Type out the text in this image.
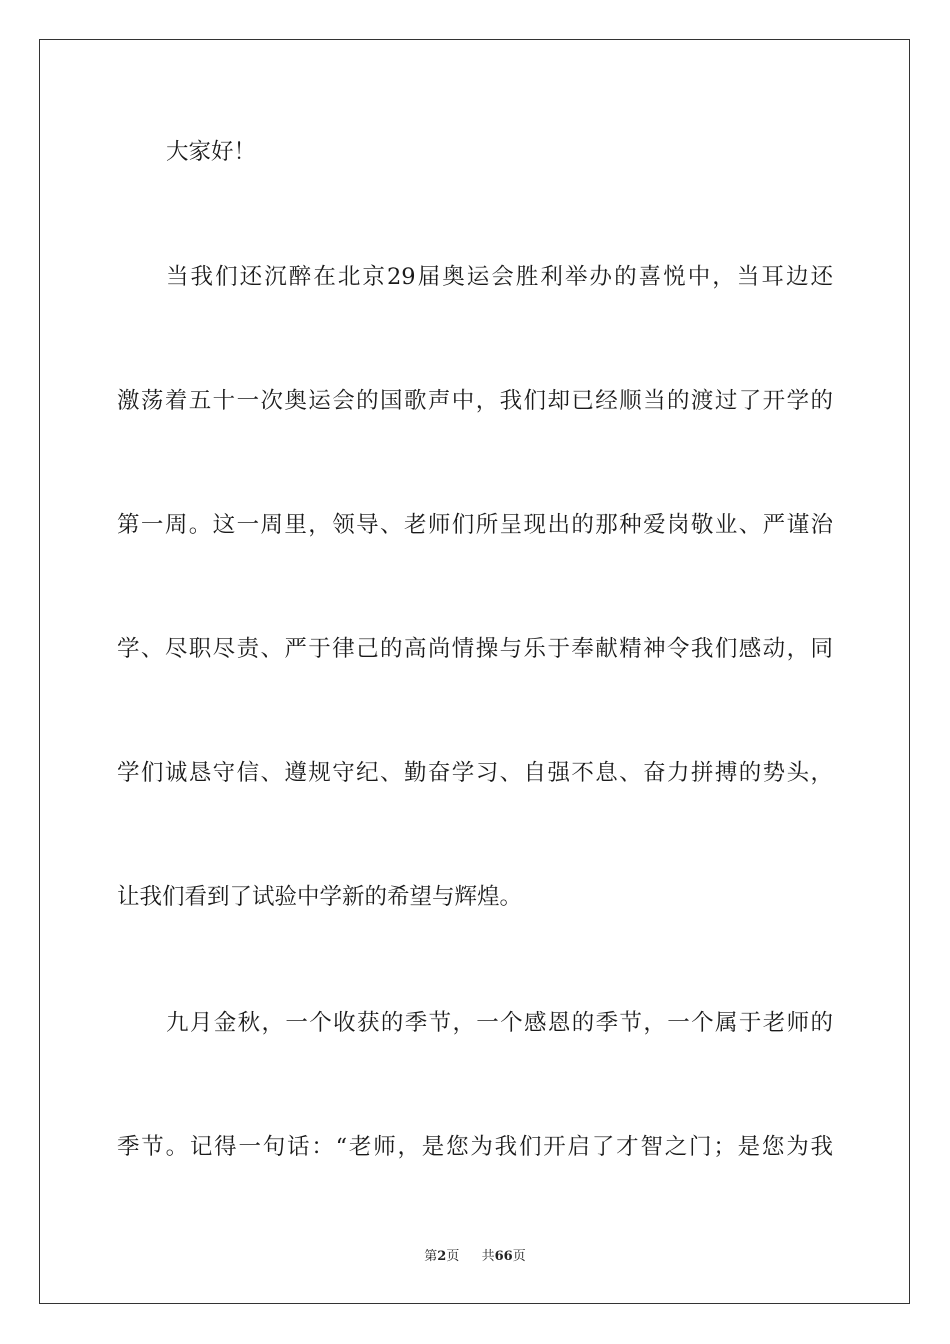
大家好！
当我们还沉醉在北京29届奥运会胜利举办的喜悦中，当耳边还
激荡着五十一次奥运会的国歌声中，我们却已经顺当的渡过了开学的
第一周。这一周里，领导、老师们所呈现出的那种爱岗敬业、严谨治
学、尽职尽责、严于律己的高尚情操与乐于奉献精神令我们感动，同
学们诚恳守信、遵规守纪、勤奋学习、自强不息、奋力拼搏的势头，
让我们看到了试验中学新的希望与辉煌。
九月金秋，一个收获的季节，一个感恩的季节，一个属于老师的
季节。记得一句话：“老师，是您为我们开启了才智之门；是您为我
第2页 共66页
